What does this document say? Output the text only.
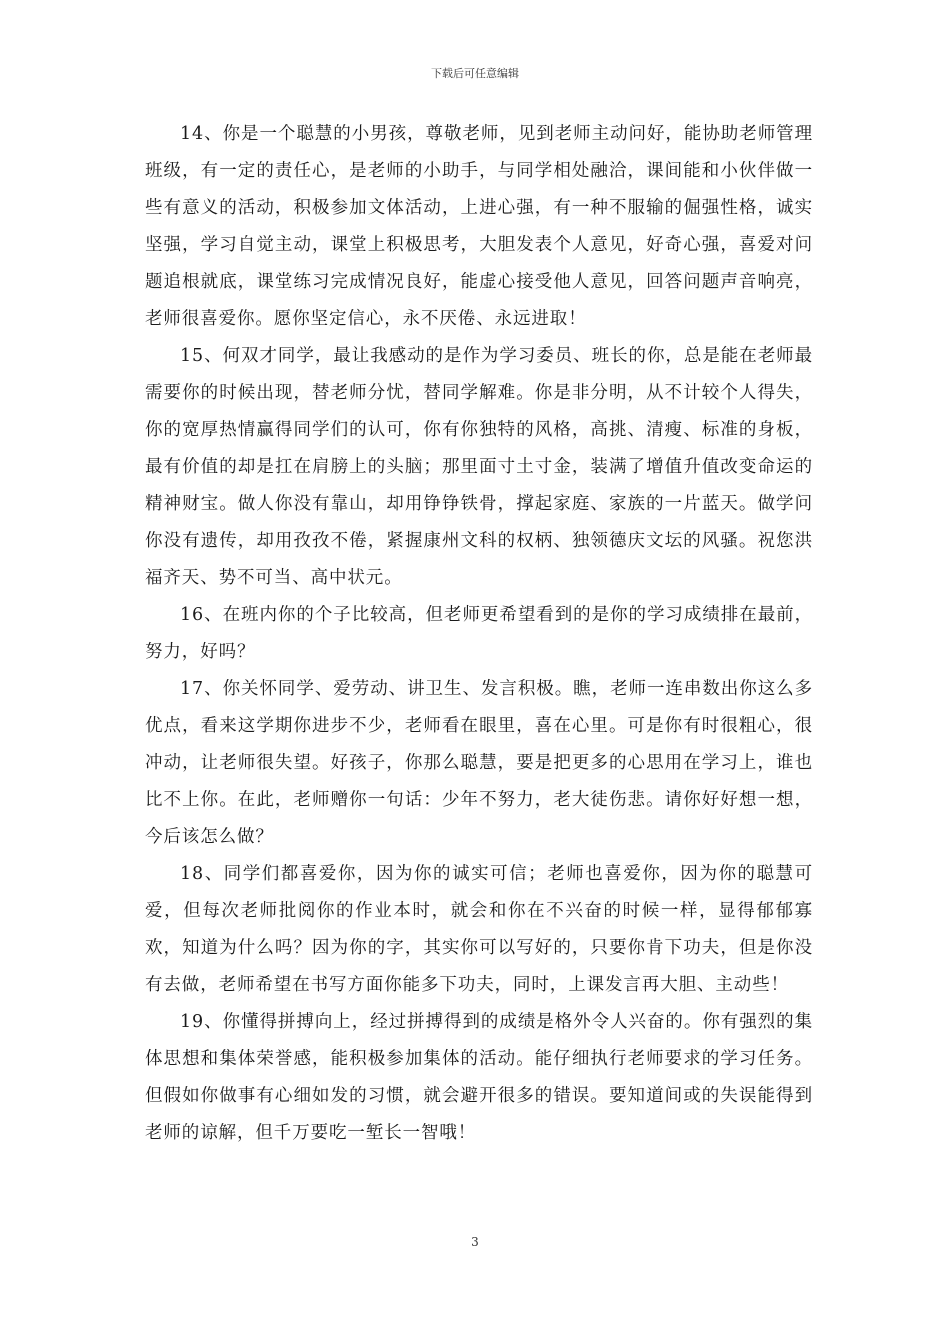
下载后可任意编辑

14、你是一个聪慧的小男孩，尊敬老师，见到老师主动问好，能协助老师管理班级，有一定的责任心，是老师的小助手，与同学相处融洽，课间能和小伙伴做一些有意义的活动，积极参加文体活动，上进心强，有一种不服输的倔强性格，诚实坚强，学习自觉主动，课堂上积极思考，大胆发表个人意见，好奇心强，喜爱对问题追根就底，课堂练习完成情况良好，能虚心接受他人意见，回答问题声音响亮，老师很喜爱你。愿你坚定信心，永不厌倦、永远进取！

15、何双才同学，最让我感动的是作为学习委员、班长的你，总是能在老师最需要你的时候出现，替老师分忧，替同学解难。你是非分明，从不计较个人得失，你的宽厚热情赢得同学们的认可，你有你独特的风格，高挑、清瘦、标准的身板，最有价值的却是扛在肩膀上的头脑；那里面寸土寸金，装满了增值升值改变命运的精神财宝。做人你没有靠山，却用铮铮铁骨，撑起家庭、家族的一片蓝天。做学问你没有遗传，却用孜孜不倦，紧握康州文科的权柄、独领德庆文坛的风骚。祝您洪福齐天、势不可当、高中状元。

16、在班内你的个子比较高，但老师更希望看到的是你的学习成绩排在最前，努力，好吗？

17、你关怀同学、爱劳动、讲卫生、发言积极。瞧，老师一连串数出你这么多优点，看来这学期你进步不少，老师看在眼里，喜在心里。可是你有时很粗心，很冲动，让老师很失望。好孩子，你那么聪慧，要是把更多的心思用在学习上，谁也比不上你。在此，老师赠你一句话：少年不努力，老大徒伤悲。请你好好想一想，今后该怎么做？

18、同学们都喜爱你，因为你的诚实可信；老师也喜爱你，因为你的聪慧可爱，但每次老师批阅你的作业本时，就会和你在不兴奋的时候一样，显得郁郁寡欢，知道为什么吗？因为你的字，其实你可以写好的，只要你肯下功夫，但是你没有去做，老师希望在书写方面你能多下功夫，同时，上课发言再大胆、主动些！

19、你懂得拼搏向上，经过拼搏得到的成绩是格外令人兴奋的。你有强烈的集体思想和集体荣誉感，能积极参加集体的活动。能仔细执行老师要求的学习任务。但假如你做事有心细如发的习惯，就会避开很多的错误。要知道间或的失误能得到老师的谅解，但千万要吃一堑长一智哦！

3
